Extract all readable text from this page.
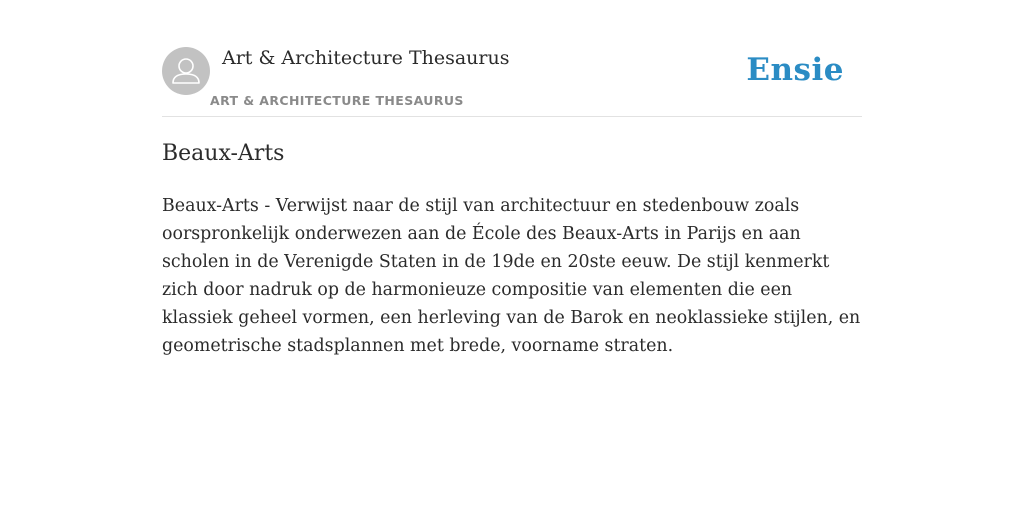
Art & Architecture Thesaurus
ART & ARCHITECTURE THESAURUS
Ensie
Beaux-Arts

Beaux-Arts - Verwijst naar de stijl van architectuur en stedenbouw zoals oorspronkelijk onderwezen aan de École des Beaux-Arts in Parijs en aan scholen in de Verenigde Staten in de 19de en 20ste eeuw. De stijl kenmerkt zich door nadruk op de harmonieuze compositie van elementen die een klassiek geheel vormen, een herleving van de Barok en neoklassieke stijlen, en geometrische stadsplannen met brede, voorname straten.
